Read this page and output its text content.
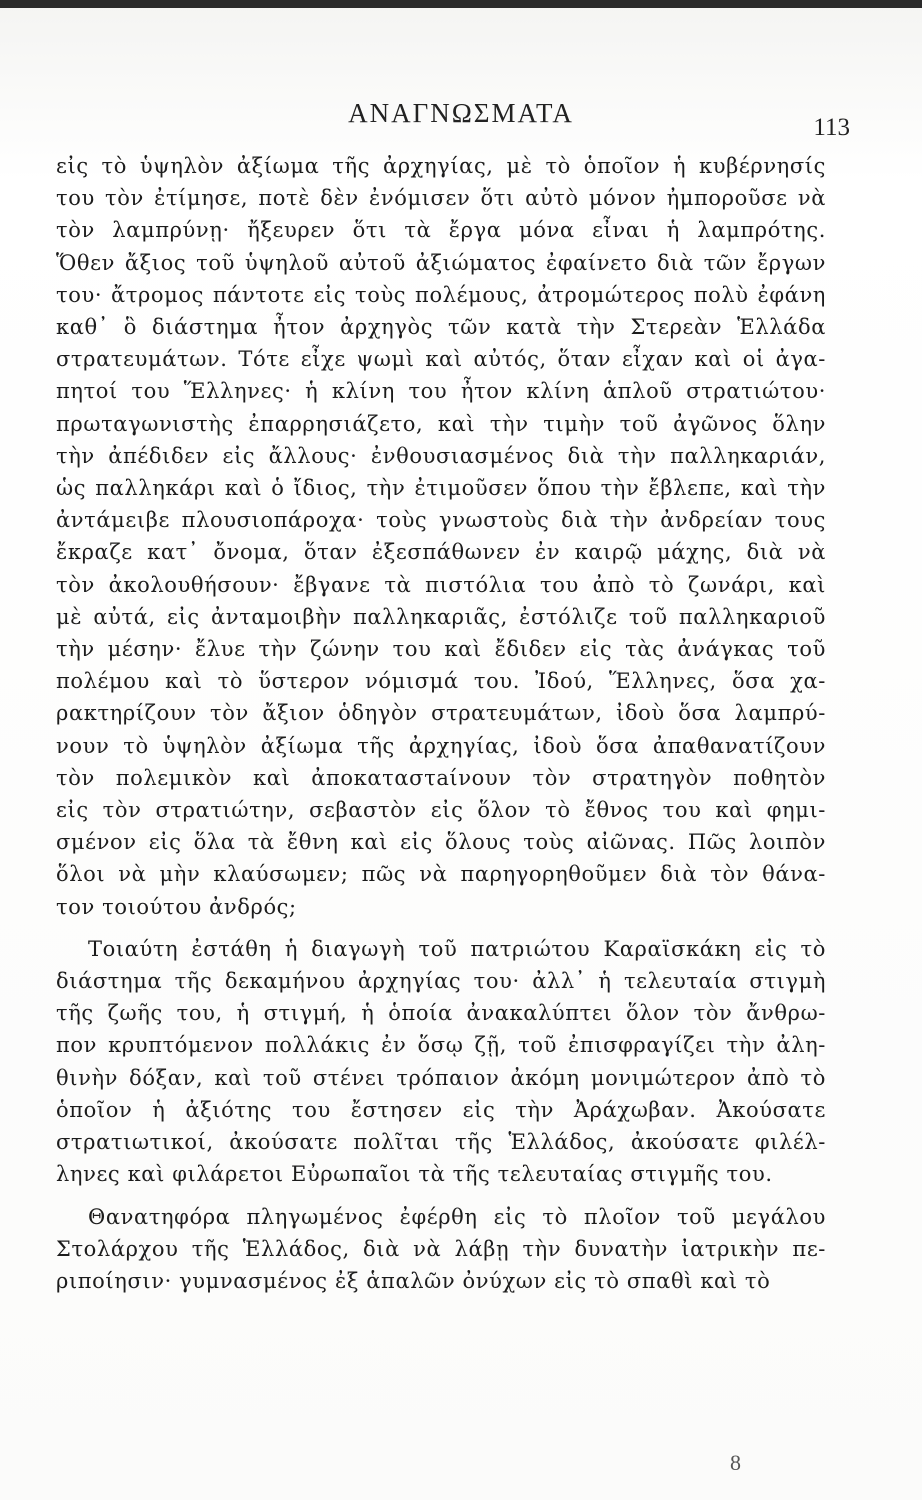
ΑΝΑΓΝΩΣΜΑΤΑ	113
εἰς τὸ ὑψηλὸν ἀξίωμα τῆς ἀρχηγίας, μὲ τὸ ὁποῖον ἡ κυβέρνησίς
του τὸν ἐτίμησε, ποτὲ δὲν ἐνόμισεν ὅτι αὐτὸ μόνον ἠμποροῦσε νὰ
τὸν λαμπρύνῃ· ἤξευρεν ὅτι τὰ ἔργα μόνα εἶναι ἡ λαμπρότης.
Ὅθεν ἄξιος τοῦ ὑψηλοῦ αὐτοῦ ἀξιώματος ἐφαίνετο διὰ τῶν ἔργων
του· ἄτρομος πάντοτε εἰς τοὺς πολέμους, ἀτρομώτερος πολὺ ἐφάνη
καθ᾽ ὃ διάστημα ἦτον ἀρχηγὸς τῶν κατὰ τὴν Στερεὰν Ἑλλάδα
στρατευμάτων. Τότε εἶχε ψωμὶ καὶ αὐτός, ὅταν εἶχαν καὶ οἱ ἀγα-
πητοί του Ἕλληνες· ἡ κλίνη του ἦτον κλίνη ἁπλοῦ στρατιώτου·
πρωταγωνιστὴς ἐπαρρησιάζετο, καὶ τὴν τιμὴν τοῦ ἀγῶνος ὅλην
τὴν ἀπέδιδεν εἰς ἄλλους· ἐνθουσιασμένος διὰ τὴν παλληκαριάν,
ὡς παλληκάρι καὶ ὁ ἴδιος, τὴν ἐτιμοῦσεν ὅπου τὴν ἔβλεπε, καὶ τὴν
ἀντάμειβε πλουσιοπάροχα· τοὺς γνωστοὺς διὰ τὴν ἀνδρείαν τους
ἔκραζε κατ᾽ ὄνομα, ὅταν ἐξεσπάθωνεν ἐν καιρῷ μάχης, διὰ νὰ
τὸν ἀκολουθήσουν· ἔβγανε τὰ πιστόλια του ἀπὸ τὸ ζωνάρι, καὶ
μὲ αὐτά, εἰς ἀνταμοιβὴν παλληκαριᾶς, ἐστόλιζε τοῦ παλληκαριοῦ
τὴν μέσην· ἔλυε τὴν ζώνην του καὶ ἔδιδεν εἰς τὰς ἀνάγκας τοῦ
πολέμου καὶ τὸ ὕστερον νόμισμά του. Ἰδού, Ἕλληνες, ὅσα χα-
ρακτηρίζουν τὸν ἄξιον ὁδηγὸν στρατευμάτων, ἰδοὺ ὅσα λαμπρύ-
νουν τὸ ὑψηλὸν ἀξίωμα τῆς ἀρχηγίας, ἰδοὺ ὅσα ἀπαθανατίζουν
τὸν πολεμικὸν καὶ ἀποκαταστaίνουν τὸν στρατηγὸν ποθητὸν
εἰς τὸν στρατιώτην, σεβαστὸν εἰς ὅλον τὸ ἔθνος του καὶ φημι-
σμένον εἰς ὅλα τὰ ἔθνη καὶ εἰς ὅλους τοὺς αἰῶνας. Πῶς λοιπὸν
ὅλοι νὰ μὴν κλαύσωμεν; πῶς νὰ παρηγορηθοῦμεν διὰ τὸν θάνα-
τον τοιούτου ἀνδρός;
Τοιαύτη ἐστάθη ἡ διαγωγὴ τοῦ πατριώτου Καραϊσκάκη εἰς τὸ
διάστημα τῆς δεκαμήνου ἀρχηγίας του· ἀλλ᾽ ἡ τελευταία στιγμὴ
τῆς ζωῆς του, ἡ στιγμή, ἡ ὁποία ἀνακαλύπτει ὅλον τὸν ἄνθρω-
πον κρυπτόμενον πολλάκις ἐν ὅσῳ ζῇ, τοῦ ἐπισφραγίζει τὴν ἀλη-
θινὴν δόξαν, καὶ τοῦ στένει τρόπαιον ἀκόμη μονιμώτερον ἀπὸ τὸ
ὁποῖον ἡ ἀξιότης του ἔστησεν εἰς τὴν Ἀράχωβαν. Ἀκούσατε
στρατιωτικοί, ἀκούσατε πολῖται τῆς Ἑλλάδος, ἀκούσατε φιλέλ-
ληνες καὶ φιλάρετοι Εὐρωπαῖοι τὰ τῆς τελευταίας στιγμῆς του.
Θανατηφόρα πληγωμένος ἐφέρθη εἰς τὸ πλοῖον τοῦ μεγάλου
Στολάρχου τῆς Ἑλλάδος, διὰ νὰ λάβῃ τὴν δυνατὴν ἰατρικὴν πε-
ριποίησιν· γυμνασμένος ἐξ ἁπαλῶν ὀνύχων εἰς τὸ σπαθὶ καὶ τὸ
8
